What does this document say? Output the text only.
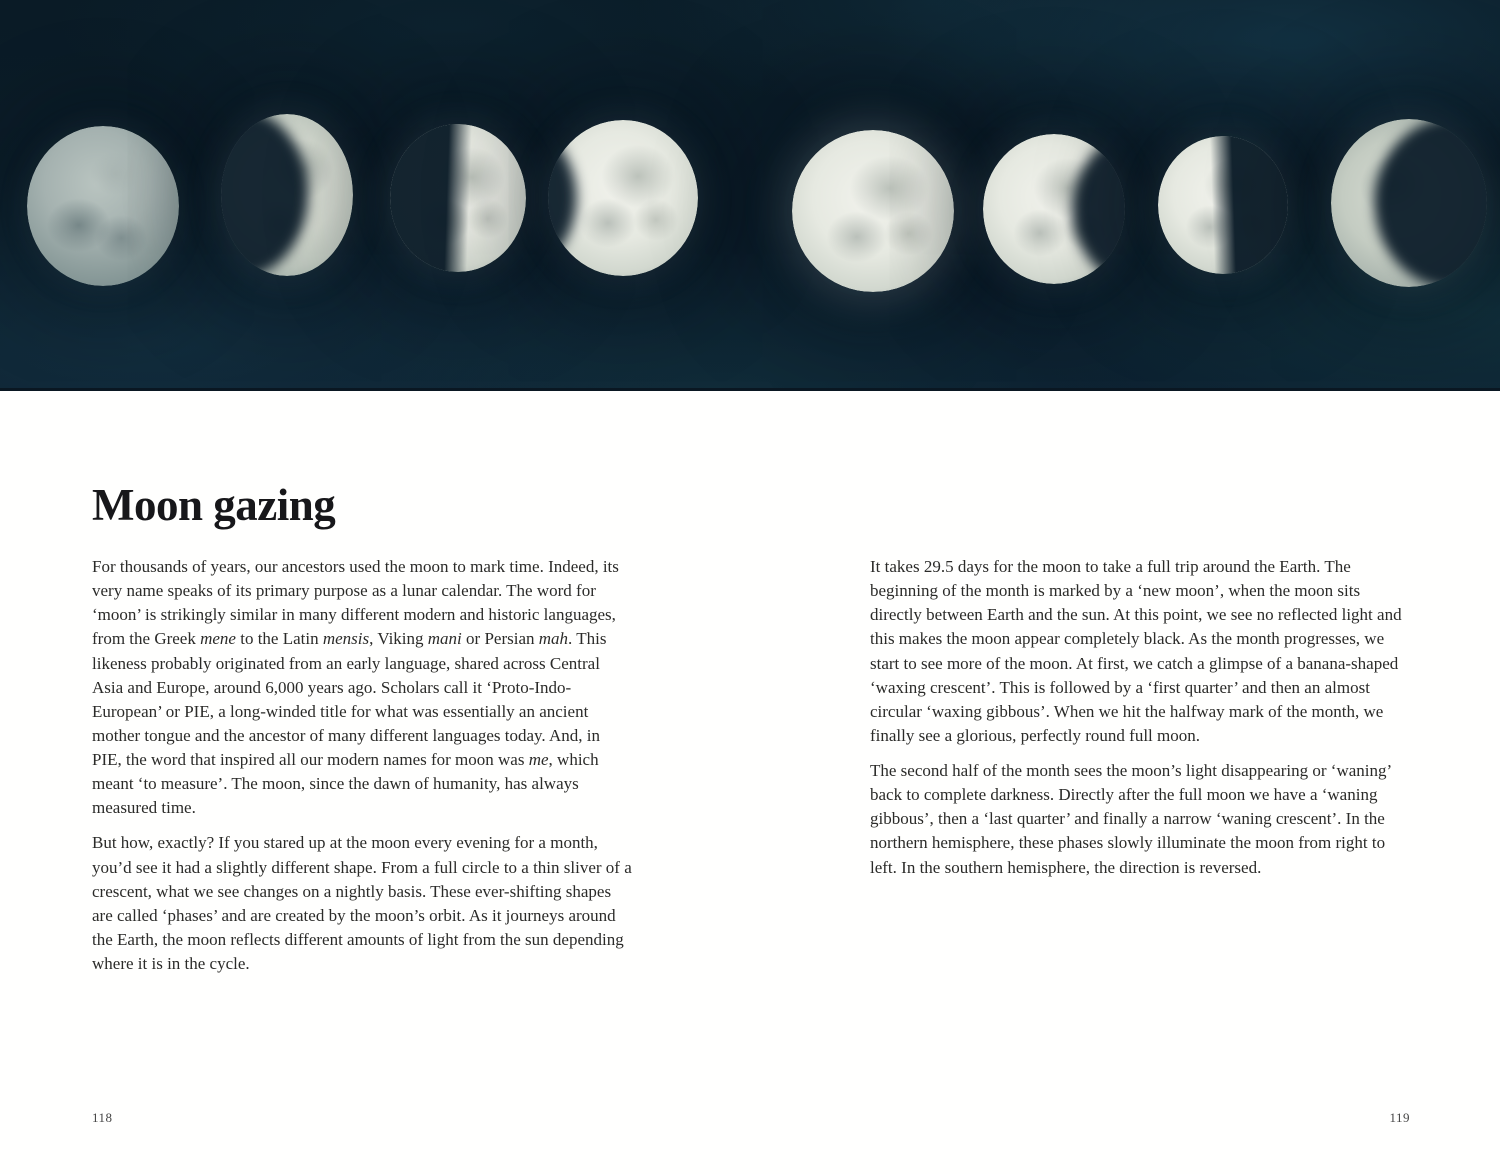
Moon gazing

For thousands of years, our ancestors used the moon to mark time. Indeed, its very name speaks of its primary purpose as a lunar calendar. The word for ‘moon’ is strikingly similar in many different modern and historic languages, from the Greek mene to the Latin mensis, Viking mani or Persian mah. This likeness probably originated from an early language, shared across Central Asia and Europe, around 6,000 years ago. Scholars call it ‘Proto-Indo-European’ or PIE, a long-winded title for what was essentially an ancient mother tongue and the ancestor of many different languages today. And, in PIE, the word that inspired all our modern names for moon was me, which meant ‘to measure’. The moon, since the dawn of humanity, has always measured time.

But how, exactly? If you stared up at the moon every evening for a month, you’d see it had a slightly different shape. From a full circle to a thin sliver of a crescent, what we see changes on a nightly basis. These ever-shifting shapes are called ‘phases’ and are created by the moon’s orbit. As it journeys around the Earth, the moon reflects different amounts of light from the sun depending where it is in the cycle.

It takes 29.5 days for the moon to take a full trip around the Earth. The beginning of the month is marked by a ‘new moon’, when the moon sits directly between Earth and the sun. At this point, we see no reflected light and this makes the moon appear completely black. As the month progresses, we start to see more of the moon. At first, we catch a glimpse of a banana-shaped ‘waxing crescent’. This is followed by a ‘first quarter’ and then an almost circular ‘waxing gibbous’. When we hit the halfway mark of the month, we finally see a glorious, perfectly round full moon.

The second half of the month sees the moon’s light disappearing or ‘waning’ back to complete darkness. Directly after the full moon we have a ‘waning gibbous’, then a ‘last quarter’ and finally a narrow ‘waning crescent’. In the northern hemisphere, these phases slowly illuminate the moon from right to left. In the southern hemisphere, the direction is reversed.

118	119
